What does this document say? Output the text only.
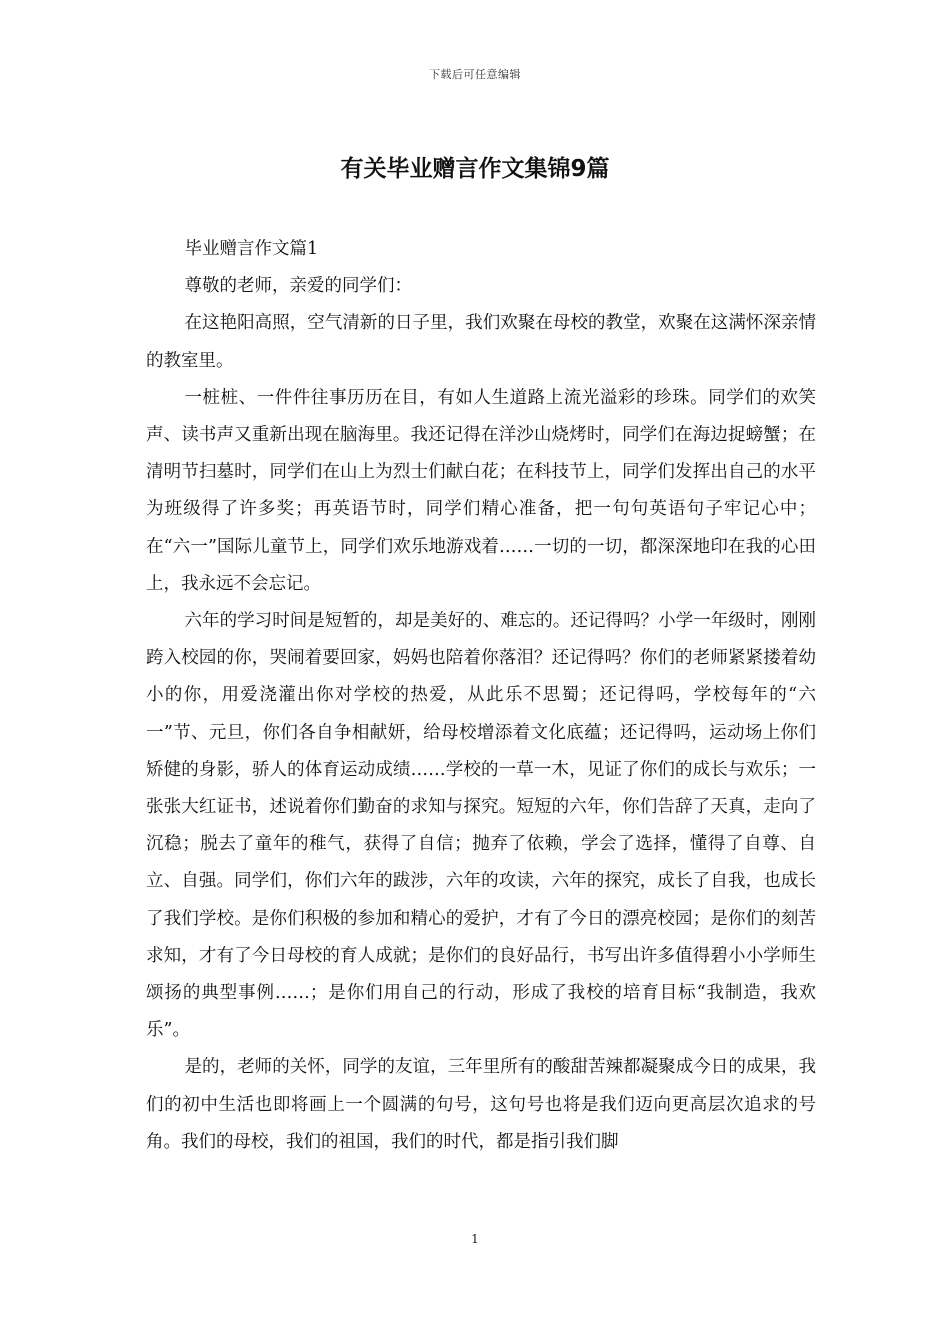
下载后可任意编辑
有关毕业赠言作文集锦9篇

毕业赠言作文篇1

尊敬的老师，亲爱的同学们：

在这艳阳高照，空气清新的日子里，我们欢聚在母校的教堂，欢聚在这满怀深亲情的教室里。

一桩桩、一件件往事历历在目，有如人生道路上流光溢彩的珍珠。同学们的欢笑声、读书声又重新出现在脑海里。我还记得在洋沙山烧烤时，同学们在海边捉螃蟹；在清明节扫墓时，同学们在山上为烈士们献白花；在科技节上，同学们发挥出自己的水平为班级得了许多奖；再英语节时，同学们精心准备，把一句句英语句子牢记心中；在“六一”国际儿童节上，同学们欢乐地游戏着……一切的一切，都深深地印在我的心田上，我永远不会忘记。

六年的学习时间是短暂的，却是美好的、难忘的。还记得吗？小学一年级时，刚刚跨入校园的你，哭闹着要回家，妈妈也陪着你落泪？还记得吗？你们的老师紧紧搂着幼小的你，用爱浇灌出你对学校的热爱，从此乐不思蜀；还记得吗，学校每年的“六一”节、元旦，你们各自争相献妍，给母校增添着文化底蕴；还记得吗，运动场上你们矫健的身影，骄人的体育运动成绩……学校的一草一木，见证了你们的成长与欢乐；一张张大红证书，述说着你们勤奋的求知与探究。短短的六年，你们告辞了天真，走向了沉稳；脱去了童年的稚气，获得了自信；抛弃了依赖，学会了选择，懂得了自尊、自立、自强。同学们，你们六年的跋涉，六年的攻读，六年的探究，成长了自我，也成长了我们学校。是你们积极的参加和精心的爱护，才有了今日的漂亮校园；是你们的刻苦求知，才有了今日母校的育人成就；是你们的良好品行，书写出许多值得碧小小学师生颂扬的典型事例……；是你们用自己的行动，形成了我校的培育目标“我制造，我欢乐”。

是的，老师的关怀，同学的友谊，三年里所有的酸甜苦辣都凝聚成今日的成果，我们的初中生活也即将画上一个圆满的句号，这句号也将是我们迈向更高层次追求的号角。我们的母校，我们的祖国，我们的时代，都是指引我们脚

1
